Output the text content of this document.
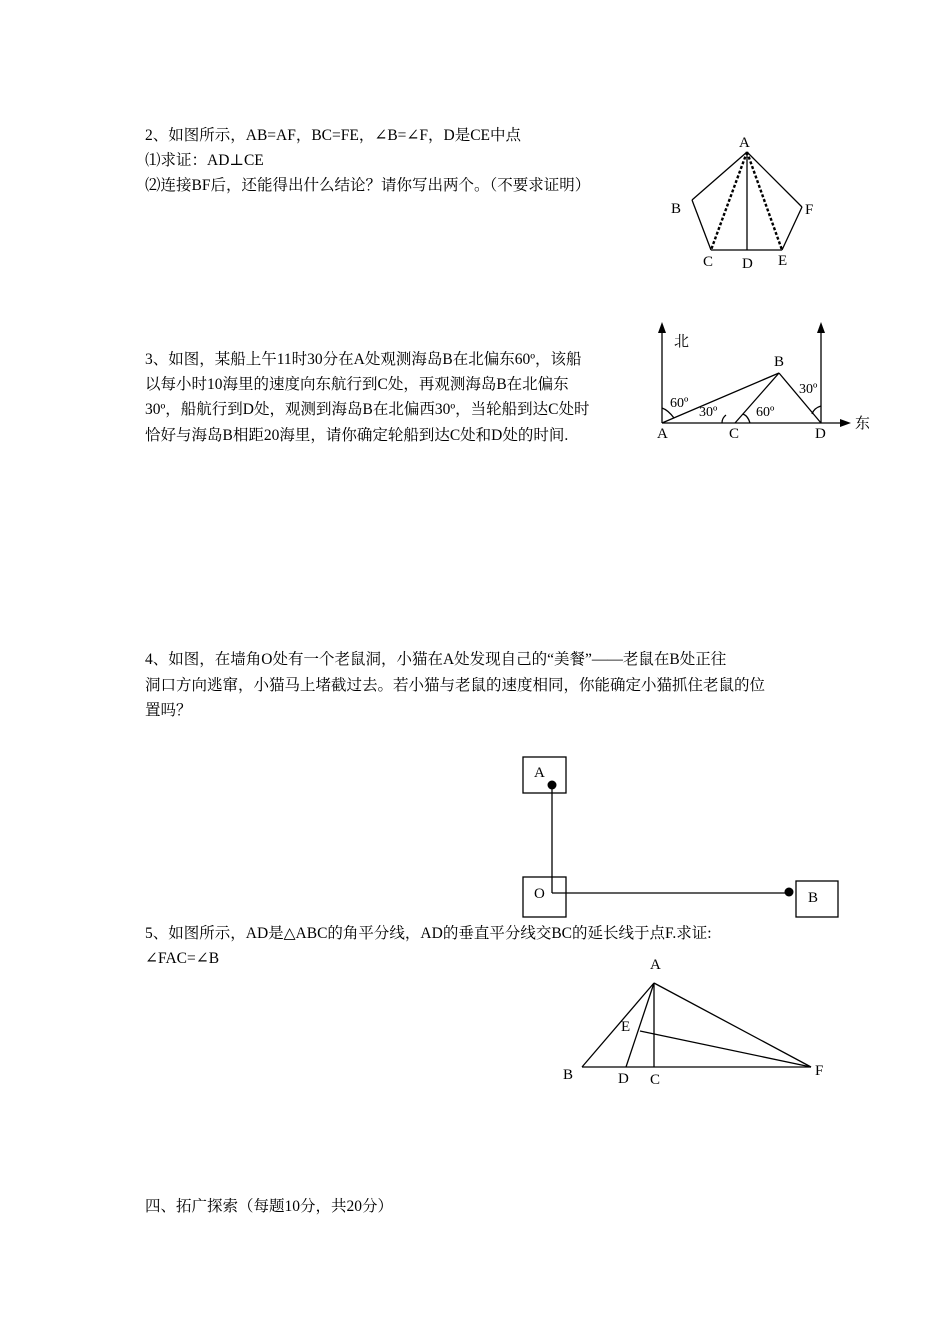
2、如图所示，AB=AF，BC=FE，∠B=∠F，D是CE中点
⑴求证：AD⊥CE
⑵连接BF后，还能得出什么结论？请你写出两个。（不要求证明）
A
B	F
C D E
北
东
A
B
C	D
60º
30º	60º
30º
A
O	B
A
E
B	D C
F
3、如图，某船上午11时30分在A处观测海岛B在北偏东60º，该船
以每小时10海里的速度向东航行到C处，再观测海岛B在北偏东
30º，船航行到D处，观测到海岛B在北偏西30º，当轮船到达C处时
恰好与海岛B相距20海里，请你确定轮船到达C处和D处的时间.
4、如图，在墙角O处有一个老鼠洞，小猫在A处发现自己的“美餐”——老鼠在B处正往
洞口方向逃窜，小猫马上堵截过去。若小猫与老鼠的速度相同，你能确定小猫抓住老鼠的位
置吗？
5、如图所示，AD是△ABC的角平分线，AD的垂直平分线交BC的延长线于点F.求证:
∠FAC=∠B
四、拓广探索（每题10分，共20分）
